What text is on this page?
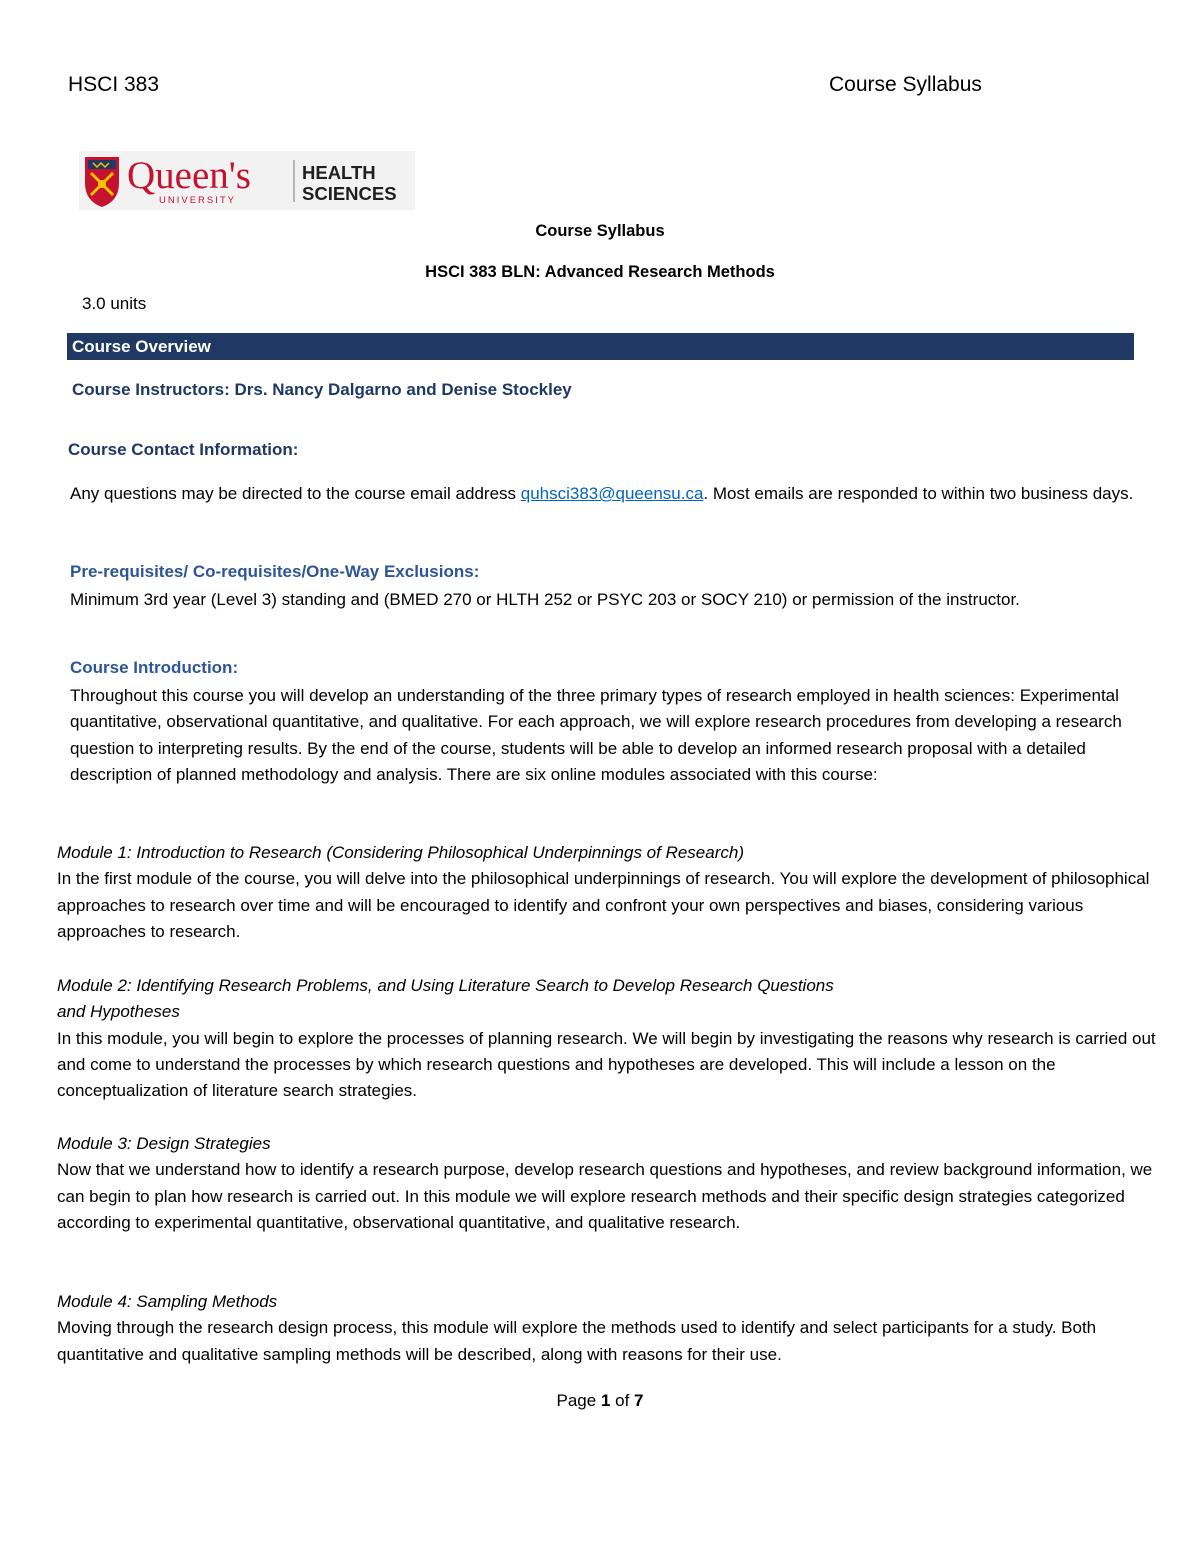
HSCI 383	Course Syllabus
Queen's
UNIVERSITY
HEALTH
SCIENCES
Course Syllabus
HSCI 383 BLN: Advanced Research Methods
3.0 units
Course Overview
Course Instructors: Drs. Nancy Dalgarno and Denise Stockley
Course Contact Information:
Any questions may be directed to the course email address quhsci383@queensu.ca. Most emails are responded to within two business days.
Pre-requisites/ Co-requisites/One-Way Exclusions:
Minimum 3rd year (Level 3) standing and (BMED 270 or HLTH 252 or PSYC 203 or SOCY 210) or permission of the instructor.
Course Introduction:
Throughout this course you will develop an understanding of the three primary types of research employed in health sciences: Experimental quantitative, observational quantitative, and qualitative. For each approach, we will explore research procedures from developing a research question to interpreting results. By the end of the course, students will be able to develop an informed research proposal with a detailed description of planned methodology and analysis. There are six online modules associated with this course:
Module 1: Introduction to Research (Considering Philosophical Underpinnings of Research)
In the first module of the course, you will delve into the philosophical underpinnings of research. You will explore the development of philosophical approaches to research over time and will be encouraged to identify and confront your own perspectives and biases, considering various approaches to research.
Module 2: Identifying Research Problems, and Using Literature Search to Develop Research Questions and Hypotheses
In this module, you will begin to explore the processes of planning research. We will begin by investigating the reasons why research is carried out and come to understand the processes by which research questions and hypotheses are developed. This will include a lesson on the conceptualization of literature search strategies.
Module 3: Design Strategies
Now that we understand how to identify a research purpose, develop research questions and hypotheses, and review background information, we can begin to plan how research is carried out. In this module we will explore research methods and their specific design strategies categorized according to experimental quantitative, observational quantitative, and qualitative research.
Module 4: Sampling Methods
Moving through the research design process, this module will explore the methods used to identify and select participants for a study. Both quantitative and qualitative sampling methods will be described, along with reasons for their use.
Page 1 of 7
